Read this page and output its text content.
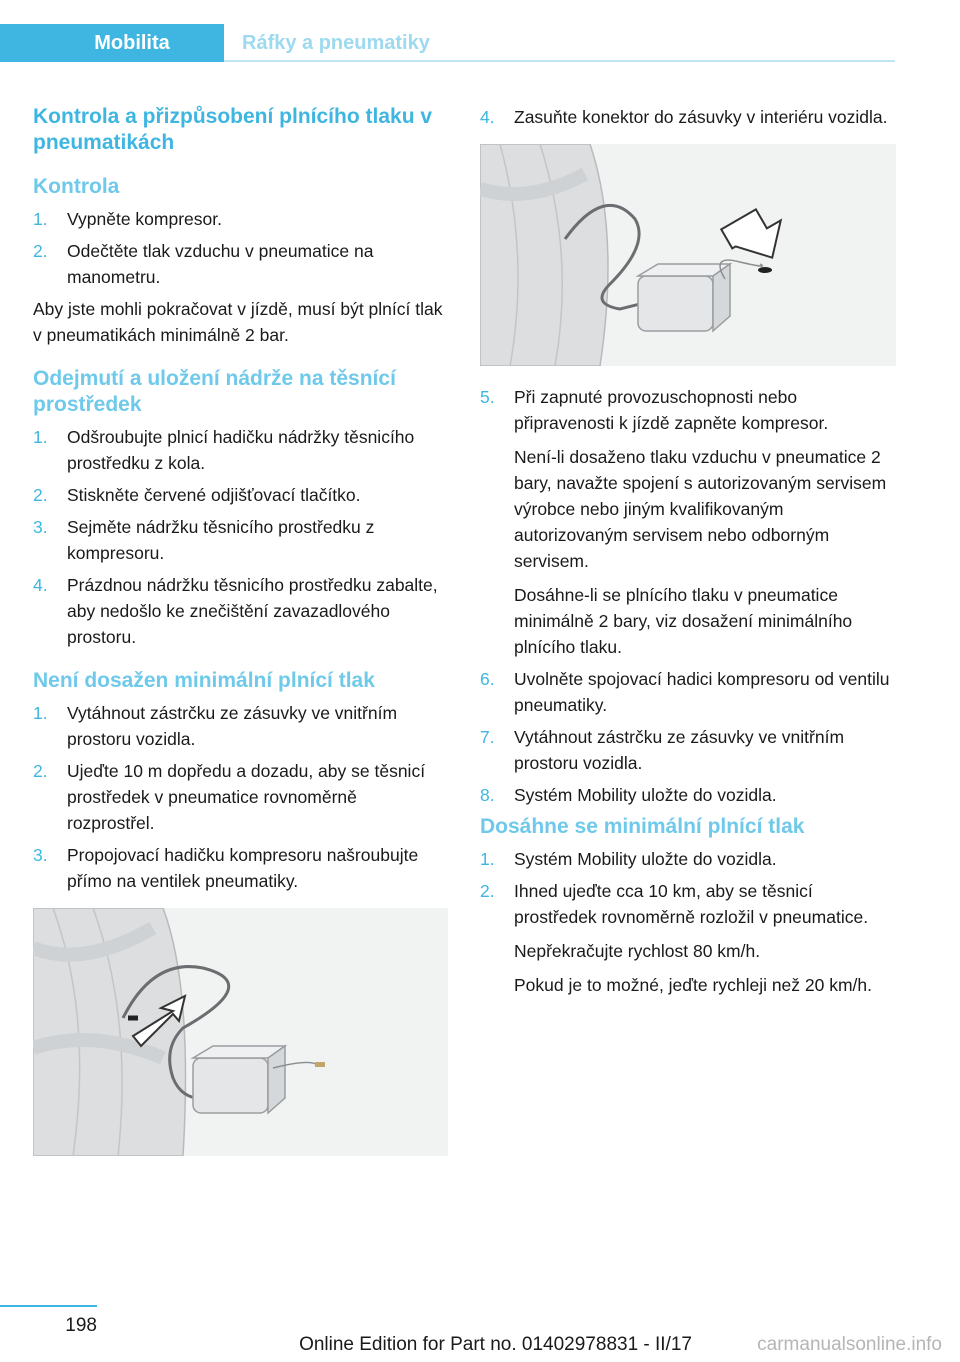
Mobilita	Ráfky a pneumatiky
Kontrola a přizpůsobení plnícího tlaku v pneumatikách
Kontrola
1. Vypněte kompresor.
2. Odečtěte tlak vzduchu v pneumatice na manometru.

Aby jste mohli pokračovat v jízdě, musí být plnící tlak v pneumatikách minimálně 2 bar.

Odejmutí a uložení nádrže na těsnící prostředek
1. Odšroubujte plnicí hadičku nádržky těsnicího prostředku z kola.
2. Stiskněte červené odjišťovací tlačítko.
3. Sejměte nádržku těsnicího prostředku z kompresoru.
4. Prázdnou nádržku těsnicího prostředku zabalte, aby nedošlo ke znečištění zavazadlového prostoru.
Není dosažen minimální plnící tlak
1. Vytáhnout zástrčku ze zásuvky ve vnitřním prostoru vozidla.
2. Ujeďte 10 m dopředu a dozadu, aby se těsnicí prostředek v pneumatice rovnoměrně rozprostřel.
3. Propojovací hadičku kompresoru našroubujte přímo na ventilek pneumatiky.
4. Zasuňte konektor do zásuvky v interiéru vozidla.
5. Při zapnuté provozuschopnosti nebo připravenosti k jízdě zapněte kompresor.

Není-li dosaženo tlaku vzduchu v pneumatice 2 bary, navažte spojení s autorizovaným servisem výrobce nebo jiným kvalifikovaným autorizovaným servisem nebo odborným servisem.

Dosáhne-li se plnícího tlaku v pneumatice minimálně 2 bary, viz dosažení minimálního plnícího tlaku.

6. Uvolněte spojovací hadici kompresoru od ventilu pneumatiky.
7. Vytáhnout zástrčku ze zásuvky ve vnitřním prostoru vozidla.
8. Systém Mobility uložte do vozidla.
Dosáhne se minimální plnící tlak
1. Systém Mobility uložte do vozidla.
2. Ihned ujeďte cca 10 km, aby se těsnicí prostředek rovnoměrně rozložil v pneumatice.

Nepřekračujte rychlost 80 km/h.

Pokud je to možné, jeďte rychleji než 20 km/h.

198
Online Edition for Part no. 01402978831 - II/17	carmanualsonline.info
